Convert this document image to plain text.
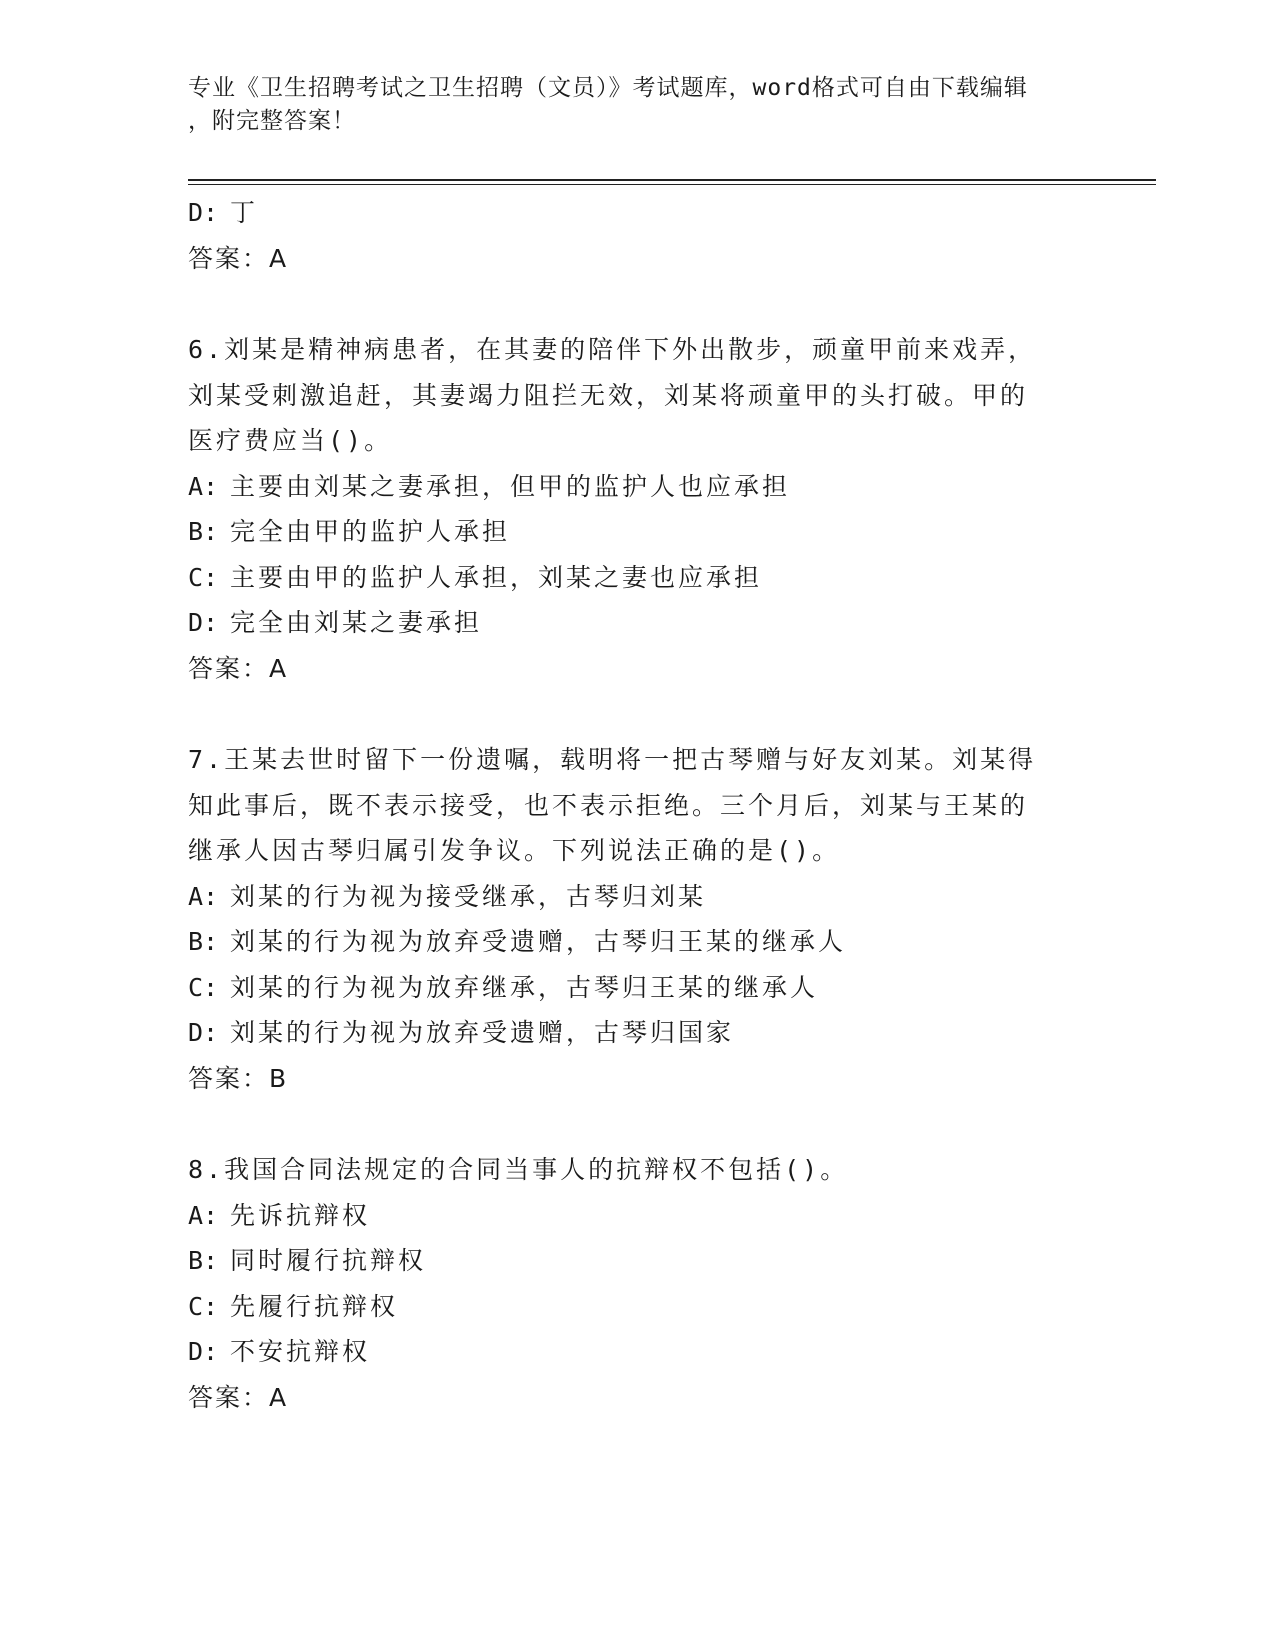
专业《卫生招聘考试之卫生招聘（文员）》考试题库，word格式可自由下载编辑
，附完整答案！
D: 丁
答案：A
6.刘某是精神病患者，在其妻的陪伴下外出散步，顽童甲前来戏弄，
刘某受刺激追赶，其妻竭力阻拦无效，刘某将顽童甲的头打破。甲的
医疗费应当()。
A: 主要由刘某之妻承担，但甲的监护人也应承担
B: 完全由甲的监护人承担
C: 主要由甲的监护人承担，刘某之妻也应承担
D: 完全由刘某之妻承担
答案：A
7.王某去世时留下一份遗嘱，载明将一把古琴赠与好友刘某。刘某得
知此事后，既不表示接受，也不表示拒绝。三个月后，刘某与王某的
继承人因古琴归属引发争议。下列说法正确的是()。
A: 刘某的行为视为接受继承，古琴归刘某
B: 刘某的行为视为放弃受遗赠，古琴归王某的继承人
C: 刘某的行为视为放弃继承，古琴归王某的继承人
D: 刘某的行为视为放弃受遗赠，古琴归国家
答案：B
8.我国合同法规定的合同当事人的抗辩权不包括()。
A: 先诉抗辩权
B: 同时履行抗辩权
C: 先履行抗辩权
D: 不安抗辩权
答案：A
